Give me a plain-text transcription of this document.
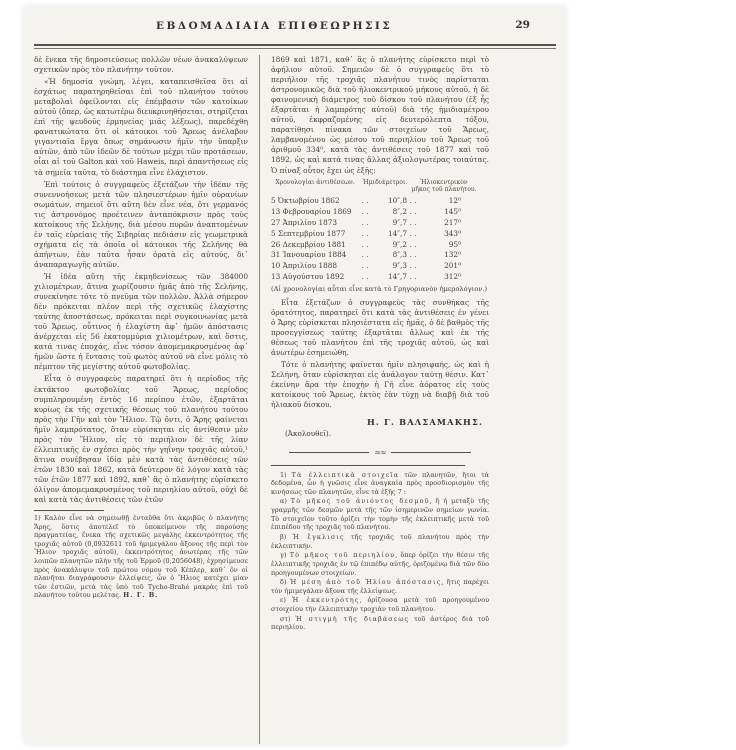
ΕΒΔΟΜΑΔΙΑΙΑ ΕΠΙΘΕΩΡΗΣΙΣ	29

δὲ ἕνεκα τῆς δημοσιεύσεως πολλῶν νέων ἀνακαλύψεων σχετικῶν πρὸς τὸν πλανήτην τοῦτον.

«Ἡ δημοσία γνώμη, λέγει, καταπεισθεῖσα ὅτι αἱ ἐσχάτως παρατηρηθεῖσαι ἐπὶ τοῦ πλανήτου τούτου μεταβολαὶ ὀφείλονται εἰς ἐπέμβασιν τῶν κατοίκων αὐτοῦ (ὅπερ, ὡς κατωτέρω διευκρινηθήσεται, στηρίζεται ἐπὶ τῆς ψευδοῦς ἑρμηνείας μιᾶς λέξεως), παρεδέχθη φανατικώτατα ὅτι οἱ κάτοικοι τοῦ Ἄρεως ἀνέλαβον γιγαντιαῖα ἔργα ὅπως σημάνωσιν ἡμῖν τὴν ὕπαρξιν αὐτῶν, ἀπὸ τῶν ἰδεῶν δὲ τούτων μέχρι τῶν προτάσεων, οἷαι αἱ τοῦ Galton καὶ τοῦ Haweis, περὶ ἀπαντήσεως εἰς τὰ σημεῖα ταῦτα, τὸ διάστημα εἶνε ἐλάχιστον.

Ἐπὶ τούτοις ὁ συγγραφεὺς ἐξετάζων τὴν ἰδέαν τῆς συνεννοήσεως μετὰ τῶν πλησιεστέρων ἡμῖν οὐρανίων σωμάτων, σημειοῖ ὅτι αὕτη δὲν εἶνε νέα, ὅτι γερμανός τις ἀστρονόμος προέτεινεν ἀνταπόκρισιν πρὸς τοὺς κατοίκους τῆς Σελήνης, διὰ μέσου πυρῶν ἀναπτομένων ἐν ταῖς εὐρείαις τῆς Σιβηρίας πεδιάσιν εἰς γεωμετρικὰ σχήματα εἰς τὰ ὁποῖα οἱ κάτοικοι τῆς Σελήνης θὰ ἀπήντων, ἐὰν ταῦτα ἦσαν ὁρατὰ εἰς αὐτούς, δι᾽ ἀναπαραγωγῆς αὐτῶν.

Ἡ ἰδέα αὕτη τῆς ἐκμηδενίσεως τῶν 384000 χιλιομέτρων, ἅτινα χωρίζουσιν ἡμᾶς ἀπὸ τῆς Σελήνης, συνεκίνησε τότε τὸ πνεῦμα τῶν πολλῶν. Ἀλλὰ σήμερον δὲν πρόκειται πλέον περὶ τῆς σχετικῶς ἐλαχίστης ταύτης ἀποστάσεως, πρόκειται περὶ συγκοινωνίας μετὰ τοῦ Ἄρεως, οὗτινος ἡ ἐλαχίστη ἀφ᾽ ἡμῶν ἀπόστασις ἀνέρχεται εἰς 56 ἑκατομμύρια χιλιομέτρων, καὶ ὅστις, κατά τινας ἐποχάς, εἶνε τόσον ἀπομεμακρυσμένος ἀφ᾽ ἡμῶν ὥστε ἡ ἔντασις τοῦ φωτὸς αὐτοῦ νὰ εἶνε μόλις τὸ πέμπτον τῆς μεγίστης αὐτοῦ φωτοβολίας.

Εἶτα ὁ συγγραφεὺς παρατηρεῖ ὅτι ἡ περίοδος τῆς ἐκτάκτου φωτοβολίας τοῦ Ἄρεως, περίοδος συμπληρουμένη ἐντὸς 16 περίπου ἐτῶν, ἐξαρτᾶται κυρίως ἐκ τῆς σχετικῆς θέσεως τοῦ πλανήτου τούτου πρὸς τὴν Γῆν καὶ τὸν Ἥλιον. Τῷ ὄντι, ὁ Ἄρης φαίνεται ἡμῖν λαμπρότατος, ὅταν εὑρίσκηται εἰς ἀντίθεσιν μὲν πρὸς τὸν Ἥλιον, εἰς τὸ περιήλιον δὲ τῆς λίαν ἐλλειπτικῆς ἐν σχέσει πρὸς τὴν γηΐνην τροχιᾶς αὐτοῦ,¹ ἅτινα συνέβησαν ἰδίᾳ μὲν κατὰ τὰς ἀντιθέσεις τῶν ἐτῶν 1830 καὶ 1862, κατὰ δεύτερον δὲ λόγον κατὰ τὰς τῶν ἐτῶν 1877 καὶ 1892, καθ᾽ ἃς ὁ πλανήτης εὑρίσκετο ὀλίγον ἀπομεμακρυσμένος τοῦ περιηλίου αὐτοῦ, οὐχὶ δὲ καὶ κατὰ τὰς ἀντιθέσεις τῶν ἐτῶν

1) Καλὸν εἶνε νὰ σημειωθῇ ἐνταῦθα ὅτι ἀκριβῶς ὁ πλανήτης Ἄρης, ὅστις ἀποτελεῖ τὸ ὑποκείμενον τῆς παρούσης πραγματείας, ἕνεκα τῆς σχετικῶς μεγάλης ἐκκεντρότητος τῆς τροχιᾶς αὐτοῦ (0,0932611 τοῦ ἡμιμεγάλου ἄξονος τῆς περὶ τὸν Ἥλιον τροχιᾶς αὐτοῦ), ἐκκεντρότητος ἀνωτέρας τῆς τῶν λοιπῶν πλανητῶν πλὴν τῆς τοῦ Ἑρμοῦ (0,2056048), ἐχρησίμευσε πρὸς ἀνακάλυψιν τοῦ πρώτου νόμου τοῦ Κέπλερ, καθ᾽ ὃν οἱ πλανῆται διαγράφουσιν ἐλλείψεις, ὧν ὁ Ἥλιος κατέχει μίαν τῶν ἑστιῶν, μετὰ τὰς ὑπὸ τοῦ Tycho-Brahé μακρὰς ἐπὶ τοῦ πλανήτου τούτου μελέτας. Η. Γ. Β.

1869 καὶ 1871, καθ᾽ ἃς ὁ πλανήτης εὑρίσκετο περὶ τὸ ἀφήλιον αὑτοῦ. Σημειῶν δὲ ὁ συγγραφεὺς ὅτι τὸ περιήλιον τῆς τροχιᾶς πλανήτου τινὸς παρίσταται ἀστρονομικῶς διὰ τοῦ ἡλιοκεντρικοῦ μήκους αὐτοῦ, ἡ δὲ φαινομενικὴ διάμετρος τοῦ δίσκου τοῦ πλανήτου (ἐξ ἧς ἐξαρτᾶται ἡ λαμπρότης αὐτοῦ) διὰ τῆς ἡμιδιαμέτρου αὐτοῦ, ἐκφραζομένης εἰς δευτερόλεπτα τόξου, παρατίθησι πίνακα τῶν στοιχείων τοῦ Ἄρεως, λαμβανομένου ὡς μέσου τοῦ περιηλίου τοῦ Ἄρεως τοῦ ἀριθμοῦ 334⁰, κατὰ τὰς ἀντιθέσεις τοῦ 1877 καὶ τοῦ 1892, ὡς καὶ κατά τινας ἄλλας ἀξιολογωτέρας τοιαύτας. Ὁ πίναξ οὗτος ἔχει ὡς ἑξῆς:

Χρονολογίαι ἀντιθέσεων.	Ἡμιδιάμετροι.	Ἡλιοκεντρικὸν μῆκος τοῦ πλανήτου.
5 Ὀκτωβρίου 1862	. .	10″,8 . .	12⁰
13 Φεβρουαρίου 1869	. .	8″,2 . .	145⁰
27 Ἀπριλίου 1873	. .	9″,7 . .	217⁰
5 Σεπτεμβρίου 1877	. .	14″,7 . .	343⁰
26 Δεκεμβρίου 1881	. .	9″,2 . .	95⁰
31 Ἰανουαρίου 1884	. .	8″,3 . .	132⁰
10 Ἀπριλίου 1888	. .	9″,3 . .	201⁰
13 Αὐγούστου 1892	. .	14″,7 . .	312⁰
(Αἱ χρονολογίαι αὗται εἶνε κατὰ τὸ Γρηγοριανὸν ἡμερολόγιον.)

Εἶτα ἐξετάζων ὁ συγγραφεὺς τὰς συνθήκας τῆς ὁρατότητος, παρατηρεῖ ὅτι κατὰ τὰς ἀντιθέσεις ἐν γένει ὁ Ἄρης εὑρίσκεται πλησιέστατα εἰς ἡμᾶς, ὁ δὲ βαθμὸς τῆς προσεγγίσεως ταύτης ἐξαρτᾶται ἄλλως καὶ ἐκ τῆς θέσεως τοῦ πλανήτου ἐπὶ τῆς τροχιᾶς αὐτοῦ, ὡς καὶ ἀνωτέρω ἐσημειώθη.

Τότε ὁ πλανήτης φαίνεται ἡμῖν πλησιφαής, ὡς καὶ ἡ Σελήνη, ὅταν εὑρίσκηται εἰς ἀνάλογον ταύτῃ θέσιν. Κατ᾽ ἐκείνην ἄρα τὴν ἐποχὴν ἡ Γῆ εἶνε ἀόρατος εἰς τοὺς κατοίκους τοῦ Ἄρεως, ἐκτὸς ἐὰν τύχῃ νὰ διαβῇ διὰ τοῦ ἡλιακοῦ δίσκου.

Η. Γ. ΒΑΛΣΑΜΑΚΗΣ.
(Ἀκολουθεῖ).
≈≈
1) Τὰ ἐλλειπτικὰ στοιχεῖα τῶν πλανητῶν, ἤτοι τὰ δεδομένα, ὧν ἡ γνῶσις εἶνε ἀναγκαία πρὸς προσδιορισμὸν τῆς κινήσεως τῶν πλανητῶν, εἶνε τὰ ἑξῆς 7 :
α) Τὸ μῆκος τοῦ ἀνιόντος δεσμοῦ, ἢ ἡ μεταξὺ τῆς γραμμῆς τῶν δεσμῶν μετὰ τῆς τῶν ἰσημερινῶν σημείων γωνία. Τὸ στοιχεῖον τοῦτο ὁρίζει τὴν τομὴν τῆς ἐκλειπτικῆς μετὰ τοῦ ἐπιπέδου τῆς τροχιᾶς τοῦ πλανήτου.
β) Ἡ ἔγκλισις τῆς τροχιᾶς τοῦ πλανήτου πρὸς τὴν ἐκλειπτικήν.
γ) Τὸ μῆκος τοῦ περιηλίου, ὅπερ ὁρίζει τὴν θέσιν τῆς ἐλλειπτικῆς τροχιᾶς ἐν τῷ ἐπιπέδῳ αὐτῆς, ὁριζομένῳ διὰ τῶν δύο προηγουμένων στοιχείων.
δ) Ἡ μέση ἀπὸ τοῦ Ἡλίου ἀπόστασις, ἥτις παρέχει τὸν ἡμιμεγάλαν ἄξονα τῆς ἐλλείψεως.
ε) Ἡ ἐκκεντρότης, ὁρίζουσα μετὰ τοῦ προηγουμένου στοιχείου τὴν ἐλλειπτικὴν τροχιὰν τοῦ πλανήτου.
στ) Ἡ στιγμὴ τῆς διαβάσεως τοῦ ἀστέρος διὰ τοῦ περιηλίου.
